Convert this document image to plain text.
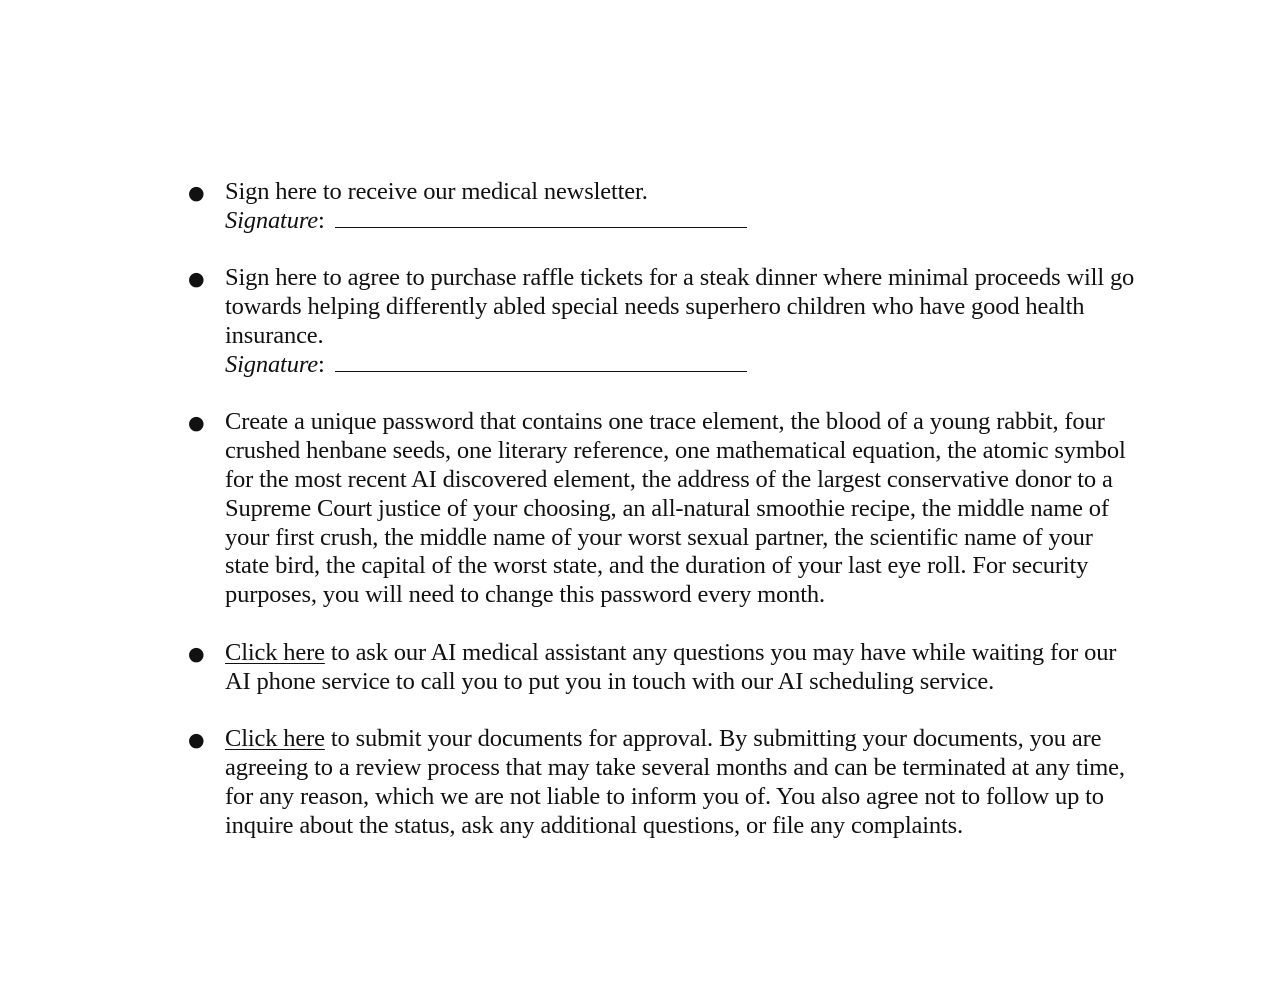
● Sign here to receive our medical newsletter.
Signature:
● Sign here to agree to purchase raffle tickets for a steak dinner where minimal proceeds will go towards helping differently abled special needs superhero children who have good health insurance.
Signature:
● Create a unique password that contains one trace element, the blood of a young rabbit, four crushed henbane seeds, one literary reference, one mathematical equation, the atomic symbol for the most recent AI discovered element, the address of the largest conservative donor to a Supreme Court justice of your choosing, an all-natural smoothie recipe, the middle name of your first crush, the middle name of your worst sexual partner, the scientific name of your state bird, the capital of the worst state, and the duration of your last eye roll. For security purposes, you will need to change this password every month.
● Click here to ask our AI medical assistant any questions you may have while waiting for our AI phone service to call you to put you in touch with our AI scheduling service.
● Click here to submit your documents for approval. By submitting your documents, you are agreeing to a review process that may take several months and can be terminated at any time, for any reason, which we are not liable to inform you of. You also agree not to follow up to inquire about the status, ask any additional questions, or file any complaints.
